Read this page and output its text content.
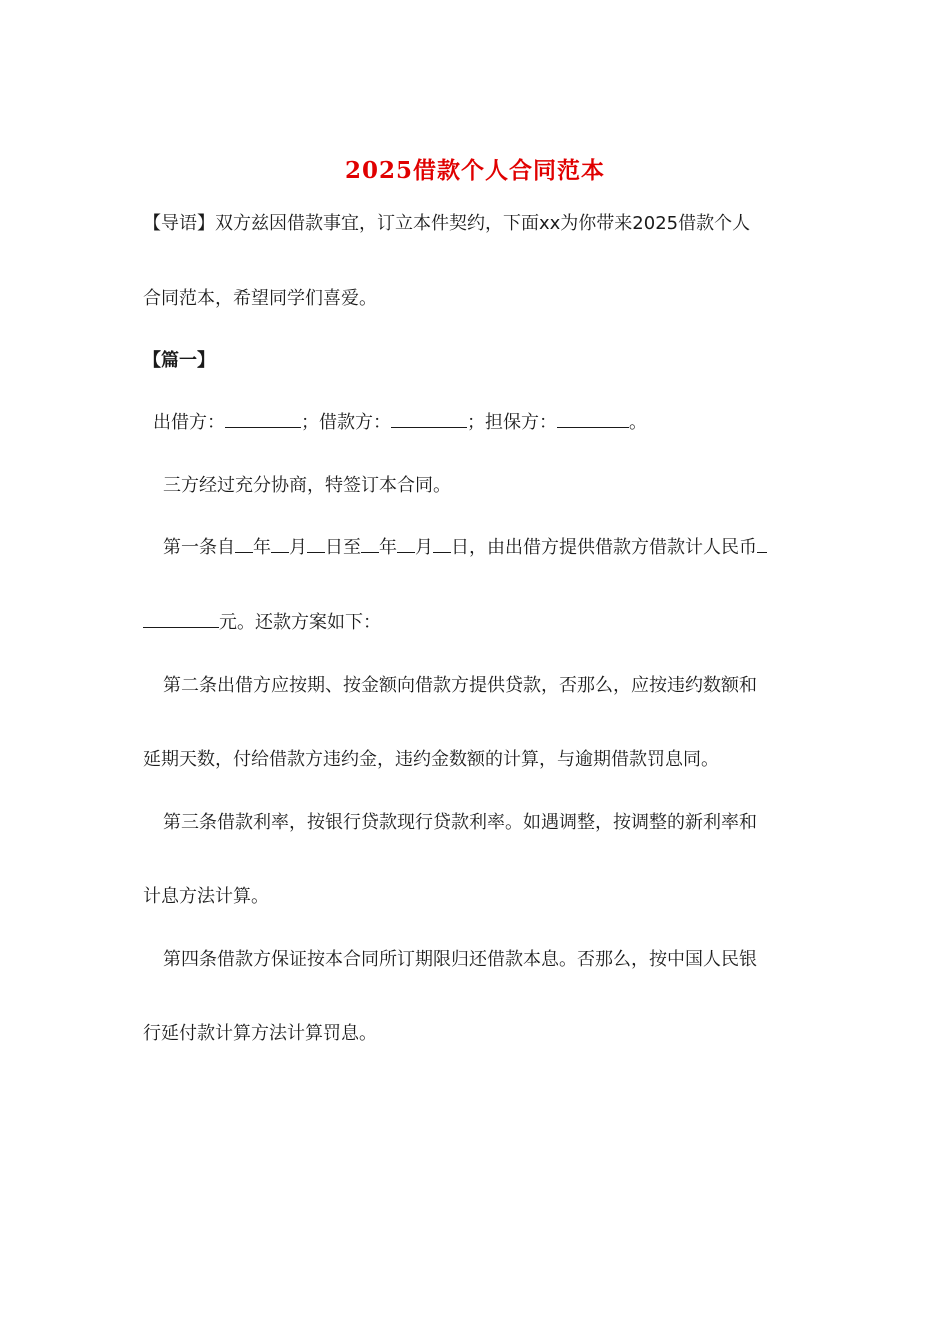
2025借款个人合同范本
【导语】双方兹因借款事宜，订立本件契约，下面xx为你带来2025借款个人
合同范本，希望同学们喜爱。
【篇一】
出借方：	；借款方：	；担保方：	。
三方经过充分协商，特签订本合同。
第一条自 年 月 日至 年 月 日，由出借方提供借款方借款计人民币
元。还款方案如下：
第二条出借方应按期、按金额向借款方提供贷款，否那么，应按违约数额和
延期天数，付给借款方违约金，违约金数额的计算，与逾期借款罚息同。
第三条借款利率，按银行贷款现行贷款利率。如遇调整，按调整的新利率和
计息方法计算。
第四条借款方保证按本合同所订期限归还借款本息。否那么，按中国人民银
行延付款计算方法计算罚息。
